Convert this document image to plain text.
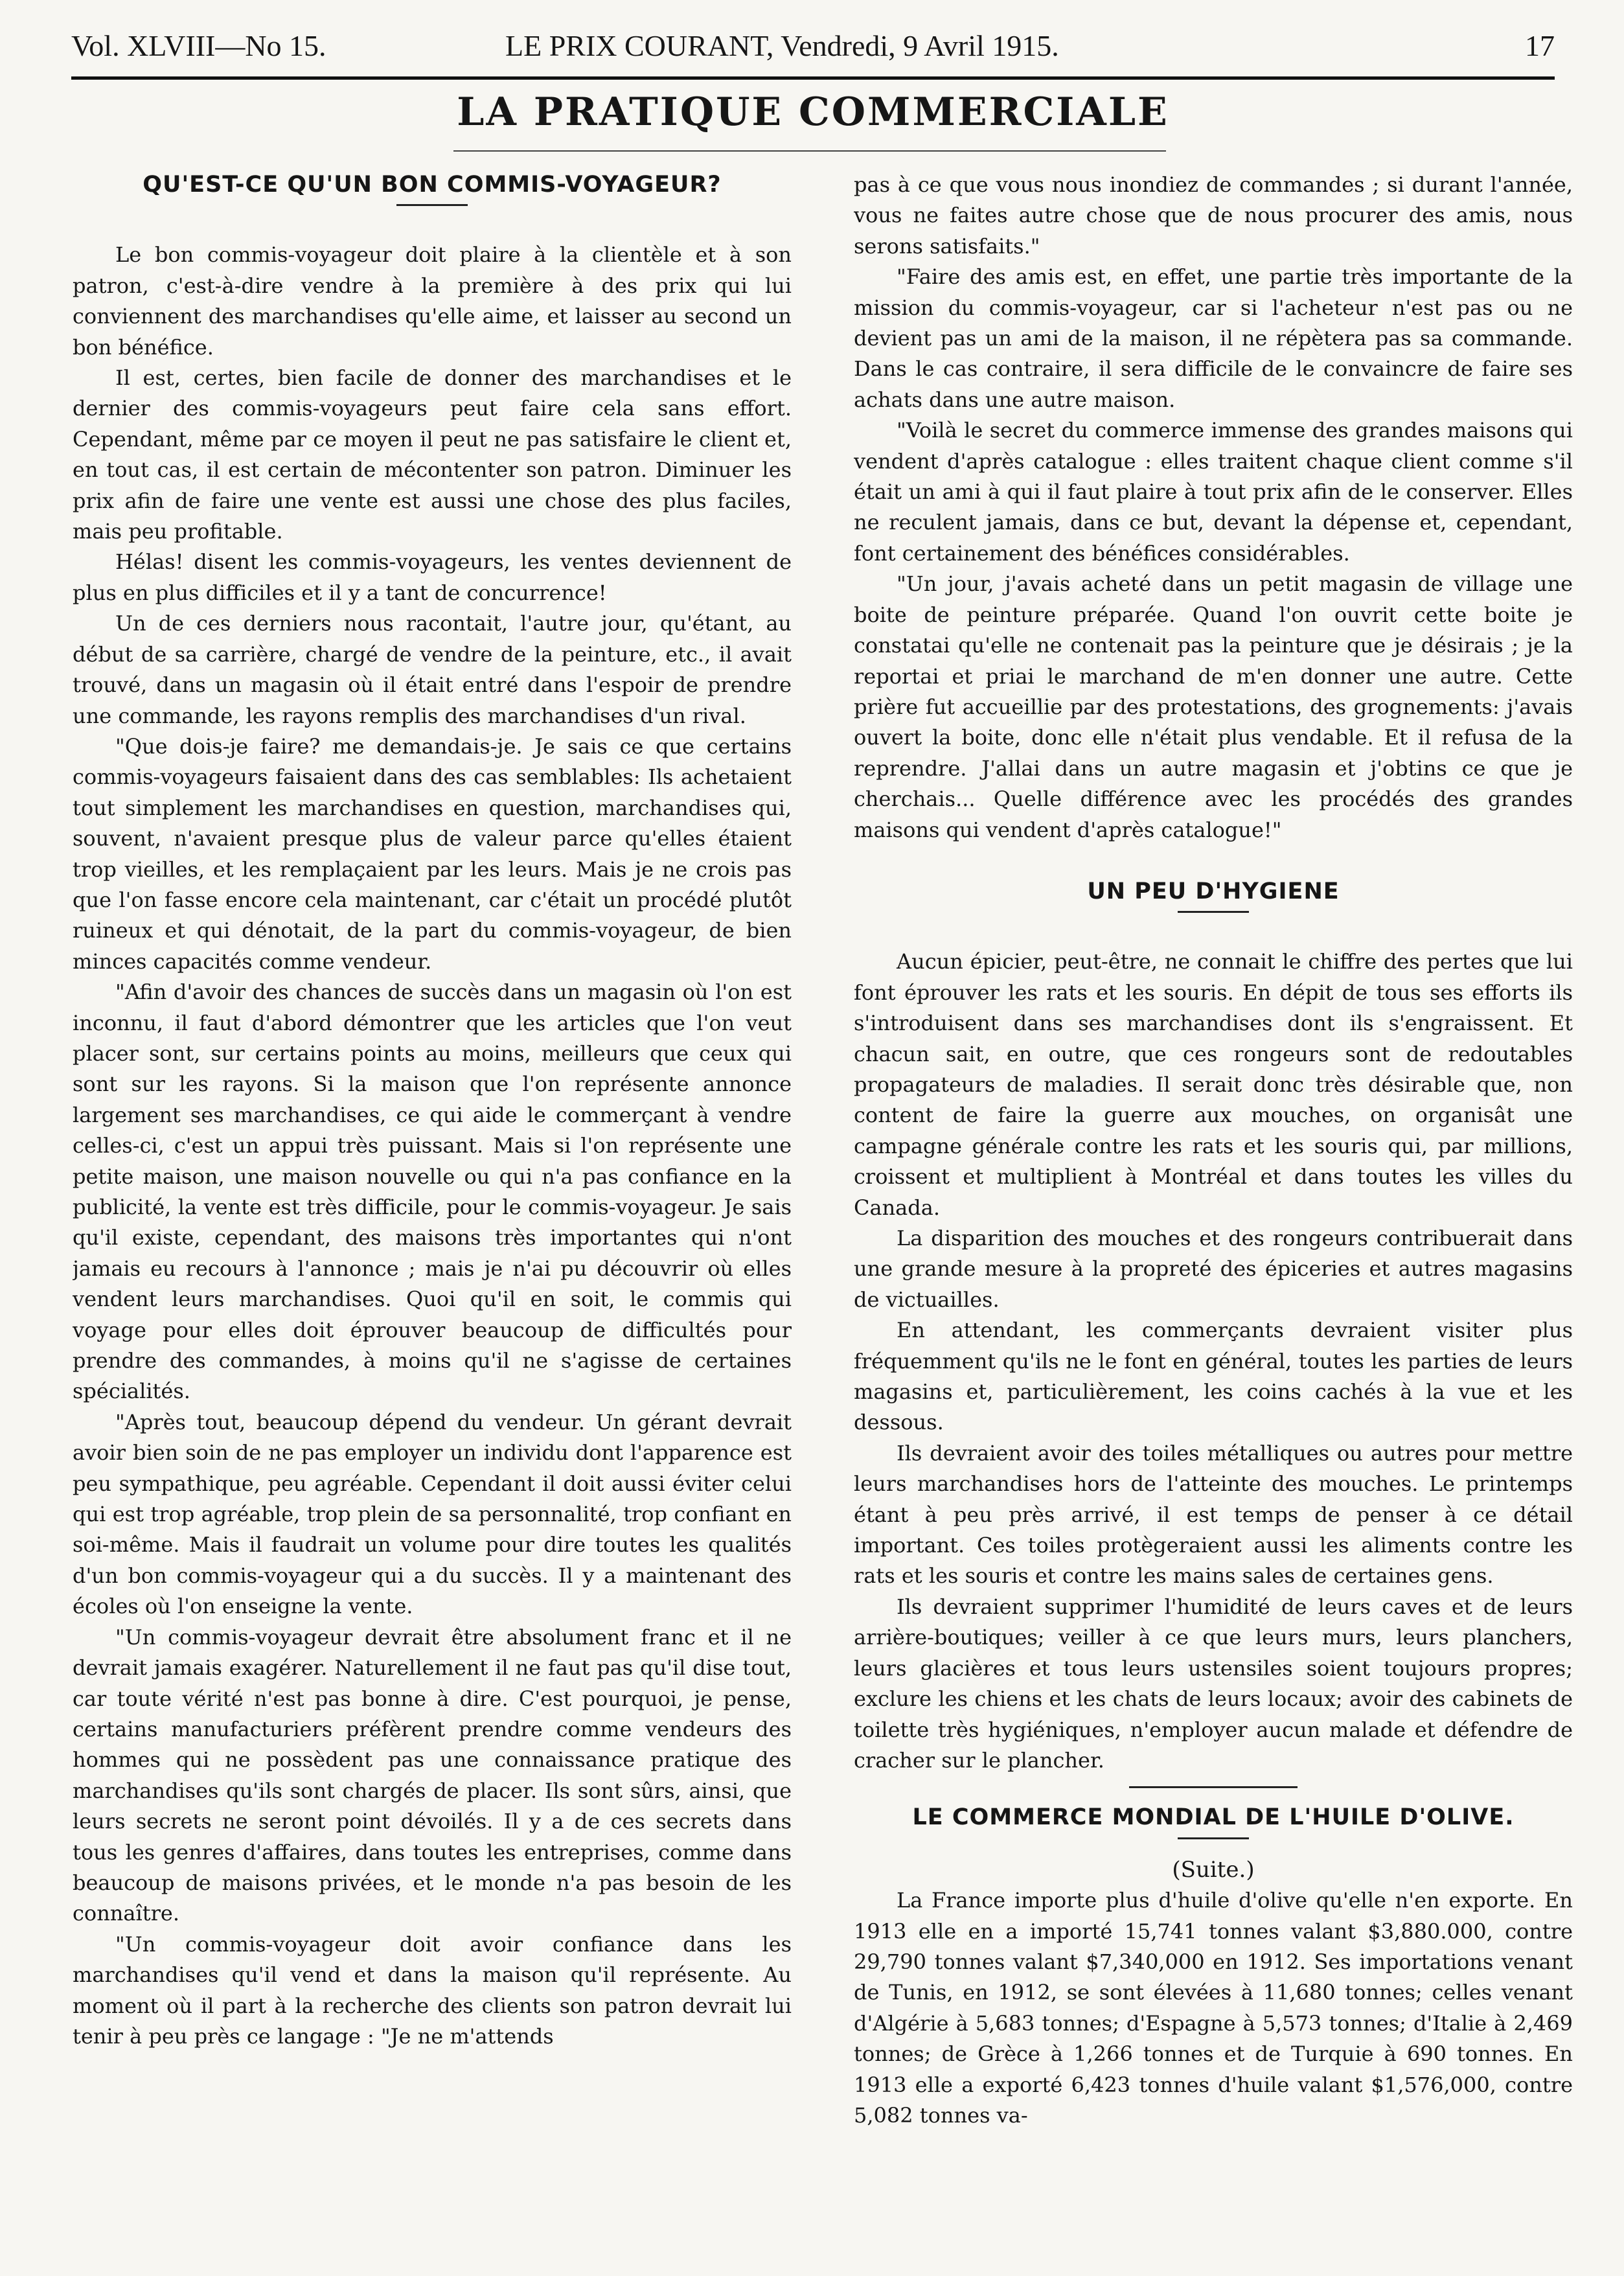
Vol. XLVIII—No 15.	LE PRIX COURANT, Vendredi, 9 Avril 1915.	17
LA PRATIQUE COMMERCIALE
QU'EST-CE QU'UN BON COMMIS-VOYAGEUR?

Le bon commis-voyageur doit plaire à la clientèle et à son patron, c'est-à-dire vendre à la première à des prix qui lui conviennent des marchandises qu'elle aime, et laisser au second un bon bénéfice.

Il est, certes, bien facile de donner des marchandises et le dernier des commis-voyageurs peut faire cela sans effort. Cependant, même par ce moyen il peut ne pas satisfaire le client et, en tout cas, il est certain de mécontenter son patron. Diminuer les prix afin de faire une vente est aussi une chose des plus faciles, mais peu profitable.

Hélas! disent les commis-voyageurs, les ventes deviennent de plus en plus difficiles et il y a tant de concurrence!

Un de ces derniers nous racontait, l'autre jour, qu'étant, au début de sa carrière, chargé de vendre de la peinture, etc., il avait trouvé, dans un magasin où il était entré dans l'espoir de prendre une commande, les rayons remplis des marchandises d'un rival.

"Que dois-je faire? me demandais-je. Je sais ce que certains commis-voyageurs faisaient dans des cas semblables: Ils achetaient tout simplement les marchandises en question, marchandises qui, souvent, n'avaient presque plus de valeur parce qu'elles étaient trop vieilles, et les remplaçaient par les leurs. Mais je ne crois pas que l'on fasse encore cela maintenant, car c'était un procédé plutôt ruineux et qui dénotait, de la part du commis-voyageur, de bien minces capacités comme vendeur.

"Afin d'avoir des chances de succès dans un magasin où l'on est inconnu, il faut d'abord démontrer que les articles que l'on veut placer sont, sur certains points au moins, meilleurs que ceux qui sont sur les rayons. Si la maison que l'on représente annonce largement ses marchandises, ce qui aide le commerçant à vendre celles-ci, c'est un appui très puissant. Mais si l'on représente une petite maison, une maison nouvelle ou qui n'a pas confiance en la publicité, la vente est très difficile, pour le commis-voyageur. Je sais qu'il existe, cependant, des maisons très importantes qui n'ont jamais eu recours à l'annonce ; mais je n'ai pu découvrir où elles vendent leurs marchandises. Quoi qu'il en soit, le commis qui voyage pour elles doit éprouver beaucoup de difficultés pour prendre des commandes, à moins qu'il ne s'agisse de certaines spécialités.

"Après tout, beaucoup dépend du vendeur. Un gérant devrait avoir bien soin de ne pas employer un individu dont l'apparence est peu sympathique, peu agréable. Cependant il doit aussi éviter celui qui est trop agréable, trop plein de sa personnalité, trop confiant en soi-même. Mais il faudrait un volume pour dire toutes les qualités d'un bon commis-voyageur qui a du succès. Il y a maintenant des écoles où l'on enseigne la vente.

"Un commis-voyageur devrait être absolument franc et il ne devrait jamais exagérer. Naturellement il ne faut pas qu'il dise tout, car toute vérité n'est pas bonne à dire. C'est pourquoi, je pense, certains manufacturiers préfèrent prendre comme vendeurs des hommes qui ne possèdent pas une connaissance pratique des marchandises qu'ils sont chargés de placer. Ils sont sûrs, ainsi, que leurs secrets ne seront point dévoilés. Il y a de ces secrets dans tous les genres d'affaires, dans toutes les entreprises, comme dans beaucoup de maisons privées, et le monde n'a pas besoin de les connaître.

"Un commis-voyageur doit avoir confiance dans les marchandises qu'il vend et dans la maison qu'il représente. Au moment où il part à la recherche des clients son patron devrait lui tenir à peu près ce langage : "Je ne m'attends

pas à ce que vous nous inondiez de commandes ; si durant l'année, vous ne faites autre chose que de nous procurer des amis, nous serons satisfaits."

"Faire des amis est, en effet, une partie très importante de la mission du commis-voyageur, car si l'acheteur n'est pas ou ne devient pas un ami de la maison, il ne répètera pas sa commande. Dans le cas contraire, il sera difficile de le convaincre de faire ses achats dans une autre maison.

"Voilà le secret du commerce immense des grandes maisons qui vendent d'après catalogue : elles traitent chaque client comme s'il était un ami à qui il faut plaire à tout prix afin de le conserver. Elles ne reculent jamais, dans ce but, devant la dépense et, cependant, font certainement des bénéfices considérables.

"Un jour, j'avais acheté dans un petit magasin de village une boite de peinture préparée. Quand l'on ouvrit cette boite je constatai qu'elle ne contenait pas la peinture que je désirais ; je la reportai et priai le marchand de m'en donner une autre. Cette prière fut accueillie par des protestations, des grognements: j'avais ouvert la boite, donc elle n'était plus vendable. Et il refusa de la reprendre. J'allai dans un autre magasin et j'obtins ce que je cherchais... Quelle différence avec les procédés des grandes maisons qui vendent d'après catalogue!"

UN PEU D'HYGIENE

Aucun épicier, peut-être, ne connait le chiffre des pertes que lui font éprouver les rats et les souris. En dépit de tous ses efforts ils s'introduisent dans ses marchandises dont ils s'engraissent. Et chacun sait, en outre, que ces rongeurs sont de redoutables propagateurs de maladies. Il serait donc très désirable que, non content de faire la guerre aux mouches, on organisât une campagne générale contre les rats et les souris qui, par millions, croissent et multiplient à Montréal et dans toutes les villes du Canada.

La disparition des mouches et des rongeurs contribuerait dans une grande mesure à la propreté des épiceries et autres magasins de victuailles.

En attendant, les commerçants devraient visiter plus fréquemment qu'ils ne le font en général, toutes les parties de leurs magasins et, particulièrement, les coins cachés à la vue et les dessous.

Ils devraient avoir des toiles métalliques ou autres pour mettre leurs marchandises hors de l'atteinte des mouches. Le printemps étant à peu près arrivé, il est temps de penser à ce détail important. Ces toiles protègeraient aussi les aliments contre les rats et les souris et contre les mains sales de certaines gens.

Ils devraient supprimer l'humidité de leurs caves et de leurs arrière-boutiques; veiller à ce que leurs murs, leurs planchers, leurs glacières et tous leurs ustensiles soient toujours propres; exclure les chiens et les chats de leurs locaux; avoir des cabinets de toilette très hygiéniques, n'employer aucun malade et défendre de cracher sur le plancher.

LE COMMERCE MONDIAL DE L'HUILE D'OLIVE.
(Suite.)

La France importe plus d'huile d'olive qu'elle n'en exporte. En 1913 elle en a importé 15,741 tonnes valant $3,880.000, contre 29,790 tonnes valant $7,340,000 en 1912. Ses importations venant de Tunis, en 1912, se sont élevées à 11,680 tonnes; celles venant d'Algérie à 5,683 tonnes; d'Espagne à 5,573 tonnes; d'Italie à 2,469 tonnes; de Grèce à 1,266 tonnes et de Turquie à 690 tonnes. En 1913 elle a exporté 6,423 tonnes d'huile valant $1,576,000, contre 5,082 tonnes va-
